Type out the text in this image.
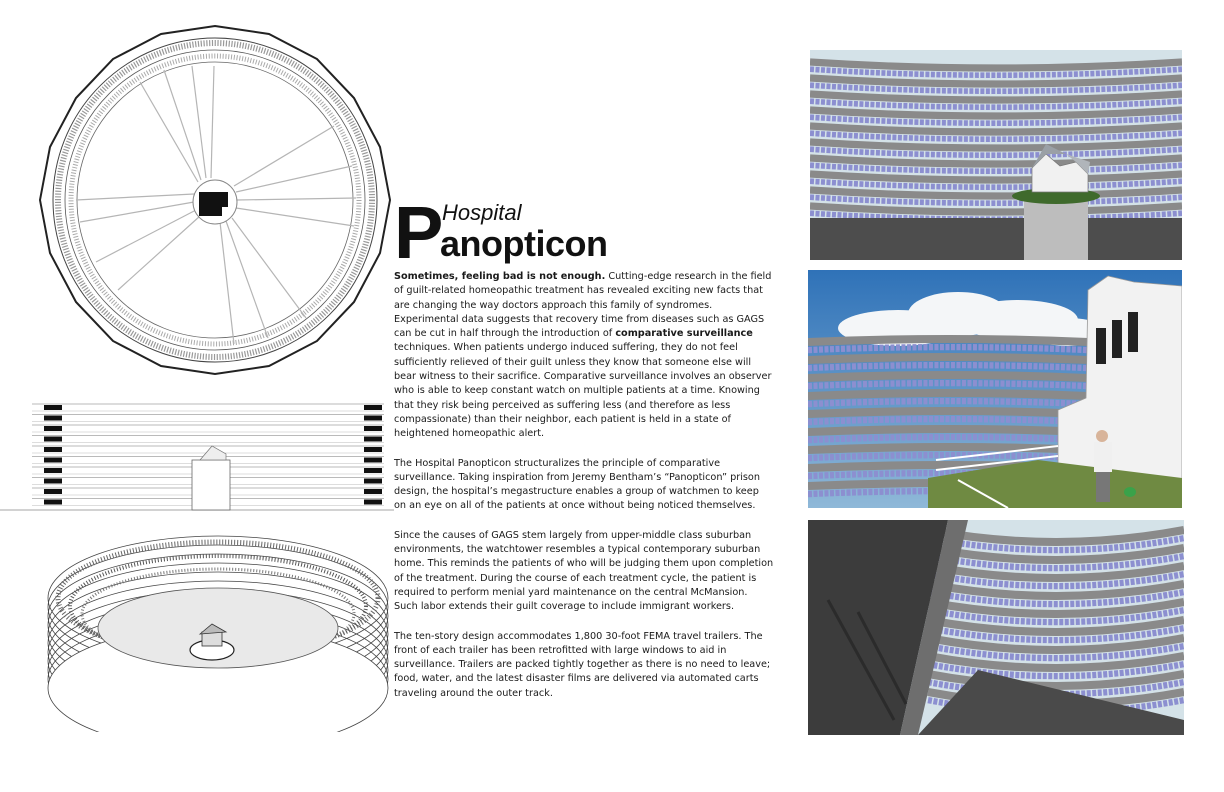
P Hospital
anopticon

Sometimes, feeling bad is not enough. Cutting-edge research in the field of guilt-related homeopathic treatment has revealed exciting new facts that are changing the way doctors approach this family of syndromes. Experimental data suggests that recovery time from diseases such as GAGS can be cut in half through the introduction of comparative surveillance techniques. When patients undergo induced suffering, they do not feel sufficiently relieved of their guilt unless they know that someone else will bear witness to their sacrifice. Comparative surveillance involves an observer who is able to keep constant watch on multiple patients at a time. Knowing that they risk being perceived as suffering less (and therefore as less compassionate) than their neighbor, each patient is held in a state of heightened homeopathic alert.

The Hospital Panopticon structuralizes the principle of comparative surveillance. Taking inspiration from Jeremy Bentham’s “Panopticon” prison design, the hospital’s megastructure enables a group of watchmen to keep on an eye on all of the patients at once without being noticed themselves.

Since the causes of GAGS stem largely from upper-middle class suburban environments, the watchtower resembles a typical contemporary suburban home. This reminds the patients of who will be judging them upon completion of the treatment. During the course of each treatment cycle, the patient is required to perform menial yard maintenance on the central McMansion. Such labor extends their guilt coverage to include immigrant workers.

The ten-story design accommodates 1,800 30-foot FEMA travel trailers. The front of each trailer has been retrofitted with large windows to aid in surveillance. Trailers are packed tightly together as there is no need to leave; food, water, and the latest disaster films are delivered via automated carts traveling around the outer track.
